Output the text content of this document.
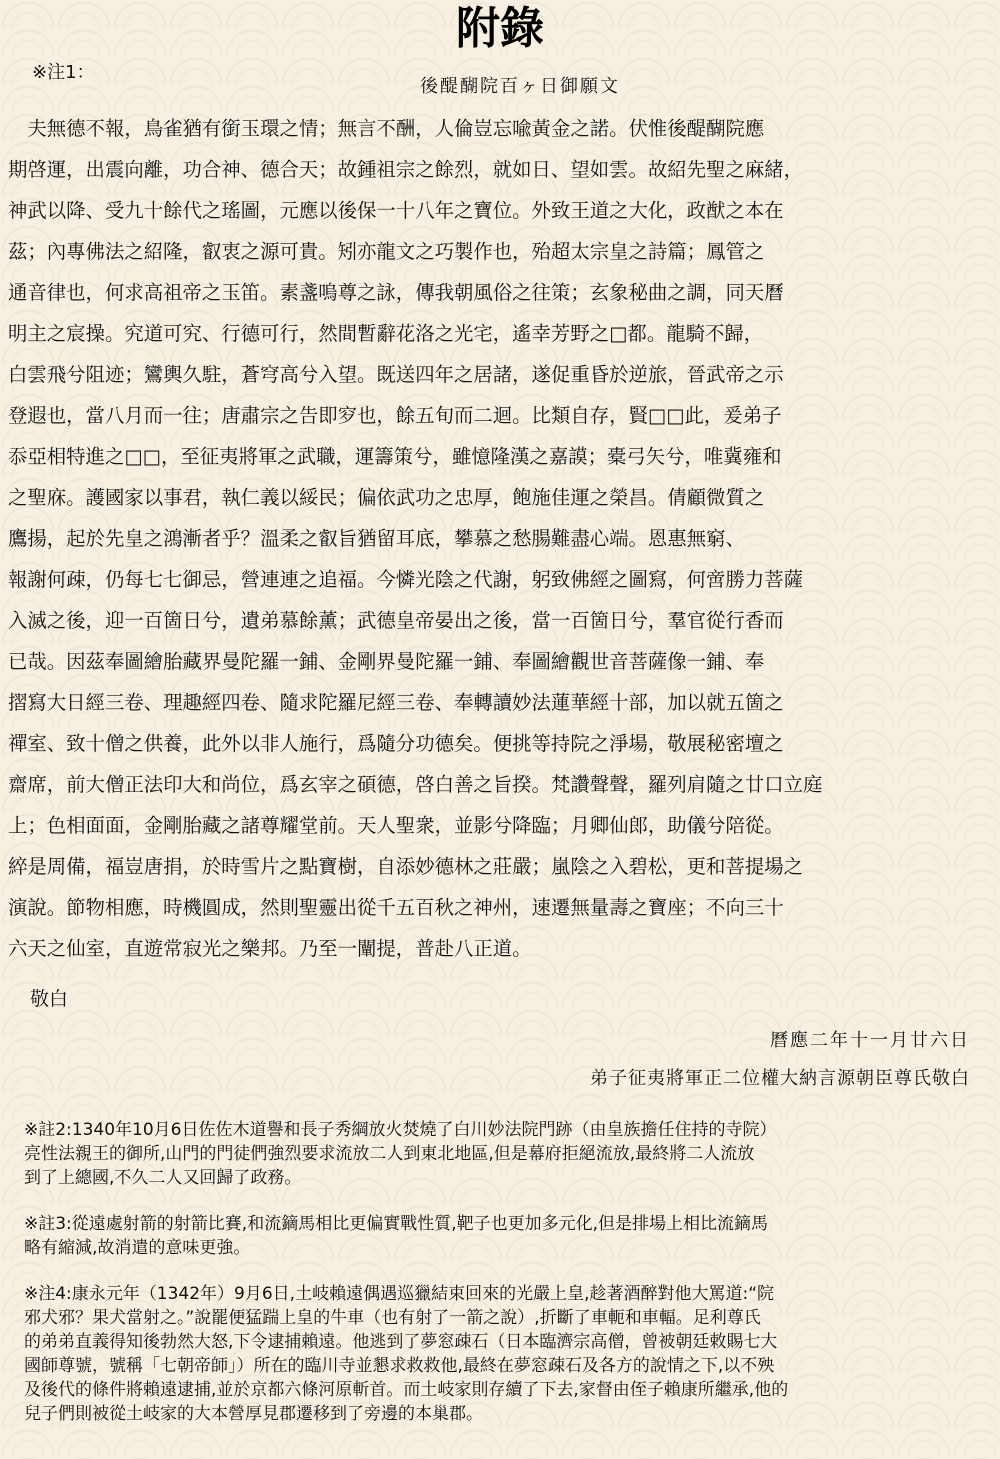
附錄
※注1：
後醍醐院百ヶ日御願文
　夫無德不報，鳥雀猶有銜玉環之情；無言不酬，人倫豈忘喩黃金之諾。伏惟後醍醐院應
期啓運，出震向離，功合神、德合天；故鍾祖宗之餘烈，就如日、望如雲。故紹先聖之麻緒，
神武以降、受九十餘代之瑤圖，元應以後保一十八年之寶位。外致王道之大化，政猷之本在
茲；內專佛法之紹隆，叡衷之源可貴。矧亦龍文之巧製作也，殆超太宗皇之詩篇；鳳管之
通音律也，何求高祖帝之玉笛。素盞嗚尊之詠，傳我朝風俗之往策；玄象秘曲之調，同天曆
明主之宸操。究道可究、行德可行，然間暫辭花洛之光宅，遙幸芳野之□都。龍騎不歸，
白雲飛兮阻迹；鸞輿久駐，蒼穹高兮入望。既送四年之居諸，遂促重昏於逆旅，晉武帝之示
登遐也，當八月而一往；唐肅宗之告即穸也，餘五旬而二迴。比類自存，賢□□此，爰弟子
忝亞相特進之□□，至征夷將軍之武職，運籌策兮，雖憶隆漢之嘉謨；橐弓矢兮，唯冀雍和
之聖庥。護國家以事君，執仁義以綏民；偏依武功之忠厚，飽施佳運之榮昌。倩顧微質之
鷹揚，起於先皇之鴻漸者乎？溫柔之叡旨猶留耳底，攀慕之愁腸難盡心端。恩惠無窮、
報謝何疎，仍每七七御忌，營連連之追福。今憐光陰之代謝，躬致佛經之圖寫，何啻勝力菩薩
入滅之後，迎一百箇日兮，遺弟慕餘薰；武德皇帝晏出之後，當一百箇日兮，羣官從行香而
已哉。因茲奉圖繪胎藏界曼陀羅一鋪、金剛界曼陀羅一鋪、奉圖繪觀世音菩薩像一鋪、奉
摺寫大日經三卷、理趣經四卷、隨求陀羅尼經三卷、奉轉讀妙法蓮華經十部，加以就五箇之
禪室、致十僧之供養，此外以非人施行，爲隨分功德矣。便挑等持院之淨場，敬展秘密壇之
齋席，前大僧正法印大和尚位，爲玄宰之碩德，啓白善之旨揆。梵讚聲聲，羅列肩隨之廿口立庭
上；色相面面，金剛胎藏之諸尊耀堂前。天人聖衆，並影兮降臨；月卿仙郎，助儀兮陪從。
綷是周備，福豈唐捐，於時雪片之點寶樹，自添妙德林之莊嚴；嵐陰之入碧松，更和菩提場之
演說。節物相應，時機圓成，然則聖靈出從千五百秋之神州，速遷無量壽之寶座；不向三十
六天之仙室，直遊常寂光之樂邦。乃至一闡提，普赴八正道。
敬白
曆應二年十一月廿六日
弟子征夷將軍正二位權大納言源朝臣尊氏敬白
※註2:1340年10月6日佐佐木道譽和長子秀綱放火焚燒了白川妙法院門跡（由皇族擔任住持的寺院）
亮性法親王的御所,山門的門徒們強烈要求流放二人到東北地區,但是幕府拒絕流放,最終將二人流放
到了上總國,不久二人又回歸了政務。
※註3:從遠處射箭的射箭比賽,和流鏑馬相比更偏實戰性質,靶子也更加多元化,但是排場上相比流鏑馬
略有縮減,故消遣的意味更強。
※注4:康永元年（1342年）9月6日,土岐賴遠偶遇巡獵結束回來的光嚴上皇,趁著酒醉對他大罵道:“院
邪犬邪？果犬當射之。”說罷便猛踹上皇的牛車（也有射了一箭之說）,折斷了車軛和車輻。足利尊氏
的弟弟直義得知後勃然大怒,下令逮捕賴遠。他逃到了夢窓疎石（日本臨濟宗高僧，曾被朝廷敕賜七大
國師尊號，號稱「七朝帝師」）所在的臨川寺並懇求救救他,最終在夢窓疎石及各方的說情之下,以不殃
及後代的條件將賴遠逮捕,並於京都六條河原斬首。而土岐家則存續了下去,家督由侄子賴康所繼承,他的
兒子們則被從土岐家的大本營厚見郡遷移到了旁邊的本巢郡。
